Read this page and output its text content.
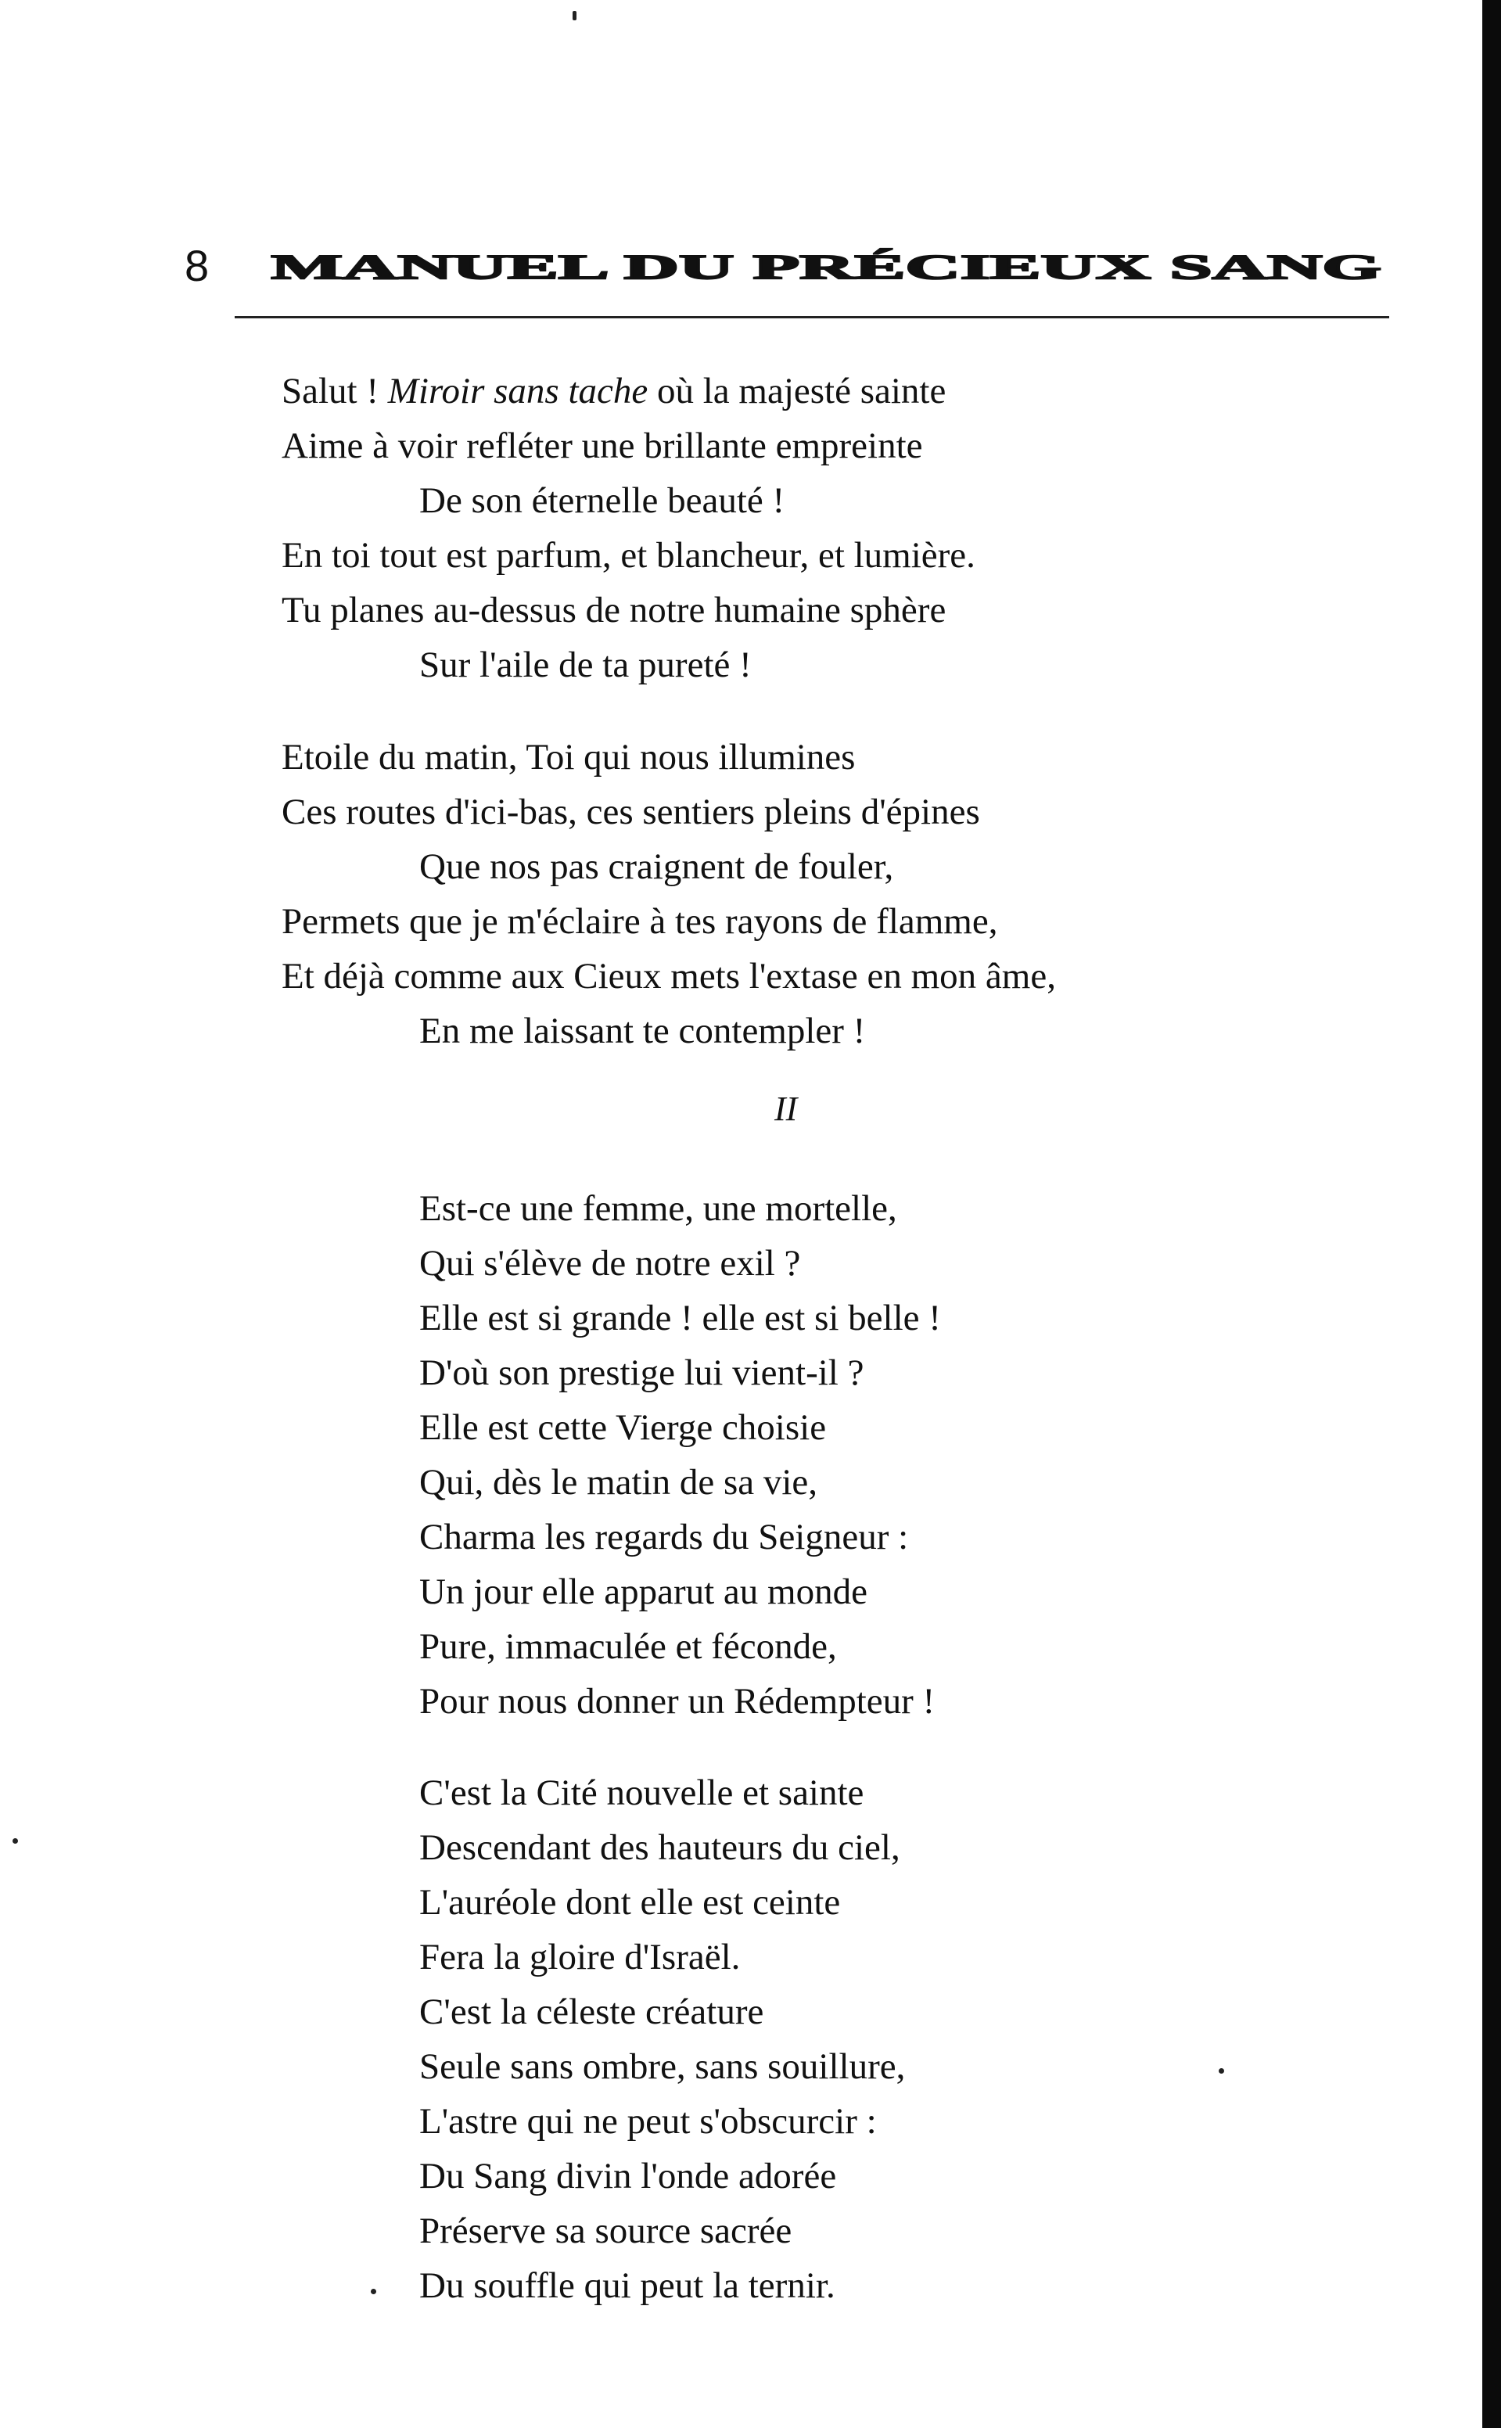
8 MANUEL DU PRÉCIEUX SANG
Salut ! Miroir sans tache où la majesté sainte
Aime à voir refléter une brillante empreinte
De son éternelle beauté !
En toi tout est parfum, et blancheur, et lumière.
Tu planes au-dessus de notre humaine sphère
Sur l'aile de ta pureté !
Etoile du matin, Toi qui nous illumines
Ces routes d'ici-bas, ces sentiers pleins d'épines
Que nos pas craignent de fouler,
Permets que je m'éclaire à tes rayons de flamme,
Et déjà comme aux Cieux mets l'extase en mon âme,
En me laissant te contempler !
II
Est-ce une femme, une mortelle,
Qui s'élève de notre exil ?
Elle est si grande ! elle est si belle !
D'où son prestige lui vient-il ?
Elle est cette Vierge choisie
Qui, dès le matin de sa vie,
Charma les regards du Seigneur :
Un jour elle apparut au monde
Pure, immaculée et féconde,
Pour nous donner un Rédempteur !
C'est la Cité nouvelle et sainte
Descendant des hauteurs du ciel,
L'auréole dont elle est ceinte
Fera la gloire d'Israël.
C'est la céleste créature
Seule sans ombre, sans souillure,
L'astre qui ne peut s'obscurcir :
Du Sang divin l'onde adorée
Préserve sa source sacrée
Du souffle qui peut la ternir.
